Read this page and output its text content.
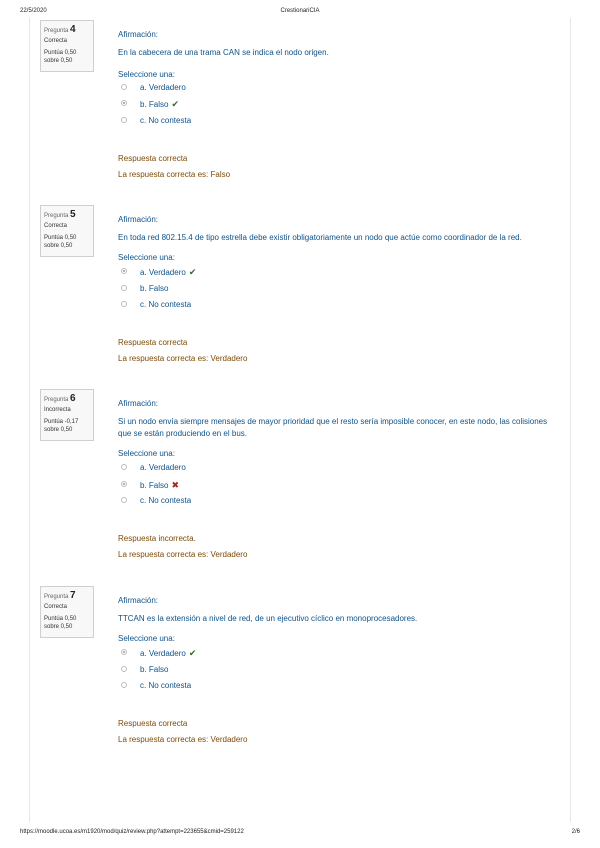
22/5/2020	CrestionariCIA
Pregunta 4
Correcta
Puntúa 0,50
sobre 0,50
Afirmación:
En la cabecera de una trama CAN se indica el nodo origen.
Seleccione una:
a. Verdadero
b. Falso ✔
c. No contesta
Respuesta correcta
La respuesta correcta es: Falso
Pregunta 5
Correcta
Puntúa 0,50
sobre 0,50
Afirmación:
En toda red 802.15.4 de tipo estrella debe existir obligatoriamente un nodo que actúe como coordinador de la red.
Seleccione una:
a. Verdadero ✔
b. Falso
c. No contesta
Respuesta correcta
La respuesta correcta es: Verdadero
Pregunta 6
Incorrecta
Puntúa -0,17
sobre 0,50
Afirmación:
Si un nodo envía siempre mensajes de mayor prioridad que el resto sería imposible conocer, en este nodo, las colisiones que se están produciendo en el bus.
Seleccione una:
a. Verdadero
b. Falso ✖
c. No contesta
Respuesta incorrecta.
La respuesta correcta es: Verdadero
Pregunta 7
Correcta
Puntúa 0,50
sobre 0,50
Afirmación:
TTCAN es la extensión a nivel de red, de un ejecutivo cíclico en monoprocesadores.
Seleccione una:
a. Verdadero ✔
b. Falso
c. No contesta
Respuesta correcta
La respuesta correcta es: Verdadero
https://moodle.ucoa.es/m1920/mod/quiz/review.php?attempt=223655&cmid=259122	2/6
